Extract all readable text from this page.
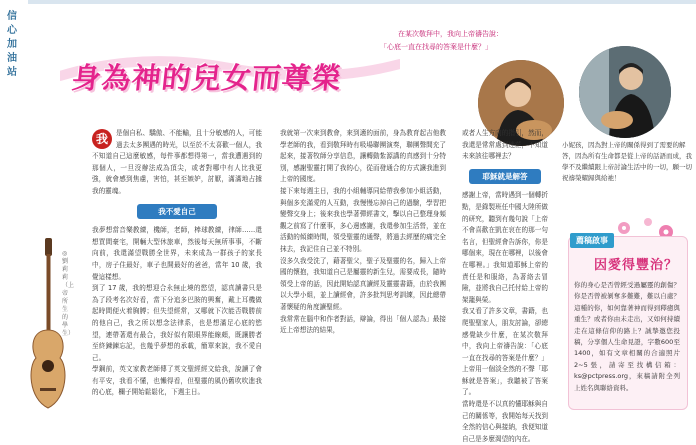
信
心
加
油
站 身為神的兒女而尊榮

在某次敬拜中，我向上帝禱告說：

「心底一直在找尋的答案是什麼？」

小妮孩，因為對上帝的關係得到了需要的解答，因為所有生命都是從上帝的話語而成，我學不及繼續跟上帝討論生活中的一切，願一切祝禱榮耀歸與給祂！
◎劉莉莉（上帝所生的學生）
我	是個自私、驕傲、不能輸，且十分敏感的人，可能過去太多團遇的時光，以至於不太喜歡一個人，我不知道自己這麼敏感，每件事都想得第一，當我遭遇到的那個人，一旦沒辦法成為頂尖，或者對哪中有人比我更強，就會感到焦慮，害怕，甚至嫉妒，討厭，滿滿地占據我的靈魂。

我不愛自己

我夢想當音樂教練，機師，老師，棒球教練，律師……還想買間豪宅，開輛大型休旅車，然後每天無所事事，不斷向前，我還滿望戰勝全世界，未來成為一群孩子的家長中，房子住最好，車子也開最好的爸爸，當年 10 歲，我覺這樣想。

到了 17 歲，我的想迎合永無止境的慾望，認真讀書只是為了段考名次好看，當下分追多巴胺的興奮，戴上耳機做起時間便火着胸膊；但失望經常，又哪就下次能否戰勝前的他自己，我之所以想念法律系，也是想滿足心底的慾望，連帶著還有最合，我好似有限眼界能線頗，既讓勝者至終鍊鍊忘記，也幾乎夢想的承載，簡單來說，我不愛自己。

學鋼前，英文家教老師傳了英文聖經經文給我，說讀了會有平安，我看不懂，也懶得看，但聖靈的風仍舊吹吹進我的心底，欄子開始鬆鬆化，下週主日。

我就第一次來到教會，來到適的面前，身為教育起吉他教學老師的我，看到敬拜時有吸場聯團演奏，聯團聲間充了起來，接著牧師分享信息，讓轉動紮源講的真感到十分特別，感謝聖靈打開了我的心，從而發通合的方式讓我進到上帝的國度。

接下來每週主日，我的小組輔導同給帶我參加小組活動，與個多充滿愛的人互動，我慢慢忘掉自己的過驗，學習把變聲交身上；後來我也學著彈經書文，擊以自己整理身頻觀之前寫了什麼事，多心邊感謝，我還參加生活營，並在活動的傾練時間，領受聖靈的通聲，將過去經歷的痛完全抹去，我記住自己並不特別。

沒多久我受洗了，藉著聖父，聖子及聖靈的名，歸入上帝國的懷抱，我知道自己是屬靈的新生兒，需要成長，隨時領受上帝的話，因此開始認真讀經及靈靈書籍，由於我團以大學小組，並上讀經會，許多批判思考訓練，因此總帶著懷疑的角度讀聖經。

我常常在腦中和作者對話，辯論，得出「個人認為」最接近上帝想法的結果，

或者人生方向的指引，然而，我還是常常處到迷茫，不知道未來該往哪裡去？

耶穌就是解答

感謝上帝，當時遇到一個轉折點，是錄製班任中國大陸所做的研究，聽到有幾句說「上帝不會喜歡在凱在哀在的那一句名言，但聖經會告訴你，你是哪個來，現在在哪裡，以後會在哪裡。」我知道耶穌上帝的責任是和服絡，為著絡去冒險，並將我自己托付給上帝的架籠與榮。

我又看了許多文章，書籍，也爬聖聖家人，朋友討論，卻總感覺缺少什麼，在某次敬拜中，我向上帝禱告說：「心底一直在找尋的答案是什麼？」上帝用一個淡全然的不聲「耶穌就是答案」，我聽被了答案了。

當時還是不以真的懂耶穌與自己的關係等，我開始每天找到全然的信心與接納，我便知道自己是多麼渴望的內在。

薦稿啟事
因愛得豐治？
你的身心是否曾經受過屬靈的創傷？你是否曾被剝奪多難難，難以自處？這種的你，如何靠著神而得到釋癒與重生？或者你由未走出，又如何持續走在這條信仰的路上？誠摯邀您投稿，分享個人生命見證，字數600至1400，如有文章相關的合適照片2~5張，請寄至找構信箱：ks@pctpress.org，來稿請附全列上姓名與聯絡資料。
